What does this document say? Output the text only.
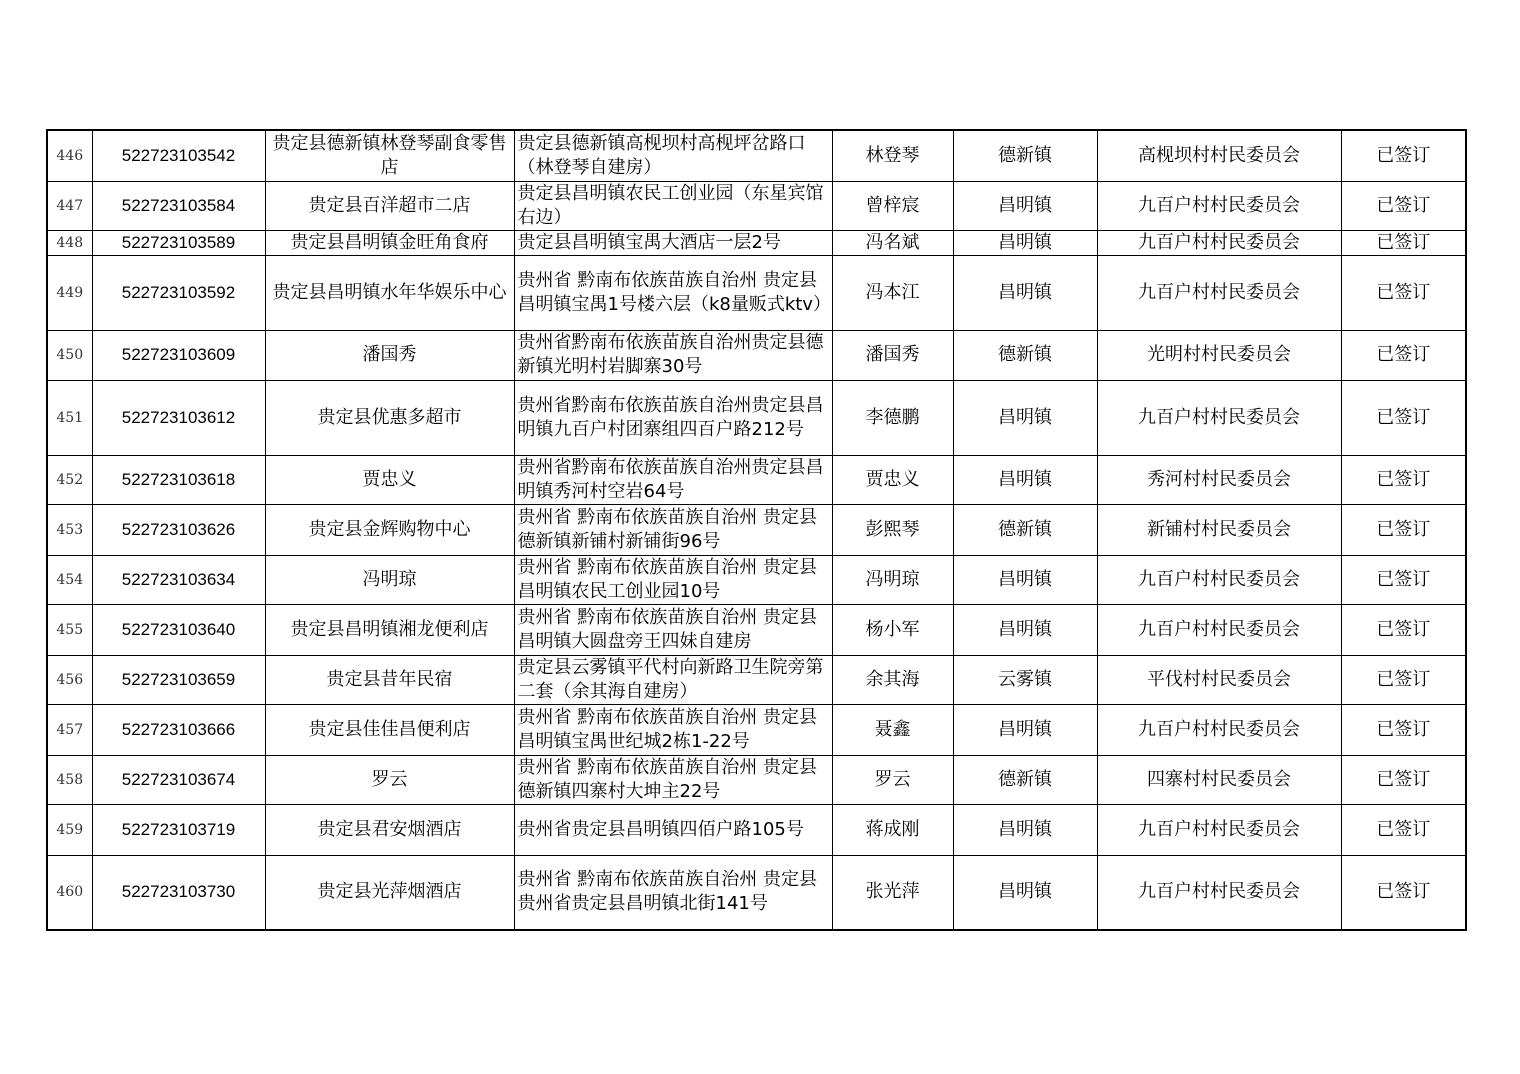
446	522723103542	贵定县德新镇林登琴副食零售店	贵定县德新镇高枧坝村高枧坪岔路口（林登琴自建房）	林登琴	德新镇	高枧坝村村民委员会	已签订
447	522723103584	贵定县百洋超市二店	贵定县昌明镇农民工创业园（东星宾馆右边）	曾梓宸	昌明镇	九百户村村民委员会	已签订
448	522723103589	贵定县昌明镇金旺角食府	贵定县昌明镇宝禺大酒店一层2号	冯名斌	昌明镇	九百户村村民委员会	已签订
449	522723103592	贵定县昌明镇水年华娱乐中心	贵州省 黔南布依族苗族自治州 贵定县昌明镇宝禺1号楼六层（k8量贩式ktv）	冯本江	昌明镇	九百户村村民委员会	已签订
450	522723103609	潘国秀	贵州省黔南布依族苗族自治州贵定县德新镇光明村岩脚寨30号	潘国秀	德新镇	光明村村民委员会	已签订
451	522723103612	贵定县优惠多超市	贵州省黔南布依族苗族自治州贵定县昌明镇九百户村团寨组四百户路212号	李德鹏	昌明镇	九百户村村民委员会	已签订
452	522723103618	贾忠义	贵州省黔南布依族苗族自治州贵定县昌明镇秀河村空岩64号	贾忠义	昌明镇	秀河村村民委员会	已签订
453	522723103626	贵定县金辉购物中心	贵州省 黔南布依族苗族自治州 贵定县德新镇新铺村新铺街96号	彭熙琴	德新镇	新铺村村民委员会	已签订
454	522723103634	冯明琼	贵州省 黔南布依族苗族自治州 贵定县昌明镇农民工创业园10号	冯明琼	昌明镇	九百户村村民委员会	已签订
455	522723103640	贵定县昌明镇湘龙便利店	贵州省 黔南布依族苗族自治州 贵定县昌明镇大圆盘旁王四妹自建房	杨小军	昌明镇	九百户村村民委员会	已签订
456	522723103659	贵定县昔年民宿	贵定县云雾镇平代村向新路卫生院旁第二套（余其海自建房）	余其海	云雾镇	平伐村村民委员会	已签订
457	522723103666	贵定县佳佳昌便利店	贵州省 黔南布依族苗族自治州 贵定县昌明镇宝禺世纪城2栋1-22号	聂鑫	昌明镇	九百户村村民委员会	已签订
458	522723103674	罗云	贵州省 黔南布依族苗族自治州 贵定县德新镇四寨村大坤主22号	罗云	德新镇	四寨村村民委员会	已签订
459	522723103719	贵定县君安烟酒店	贵州省贵定县昌明镇四佰户路105号	蒋成刚	昌明镇	九百户村村民委员会	已签订
460	522723103730	贵定县光萍烟酒店	贵州省 黔南布依族苗族自治州 贵定县贵州省贵定县昌明镇北街141号	张光萍	昌明镇	九百户村村民委员会	已签订
